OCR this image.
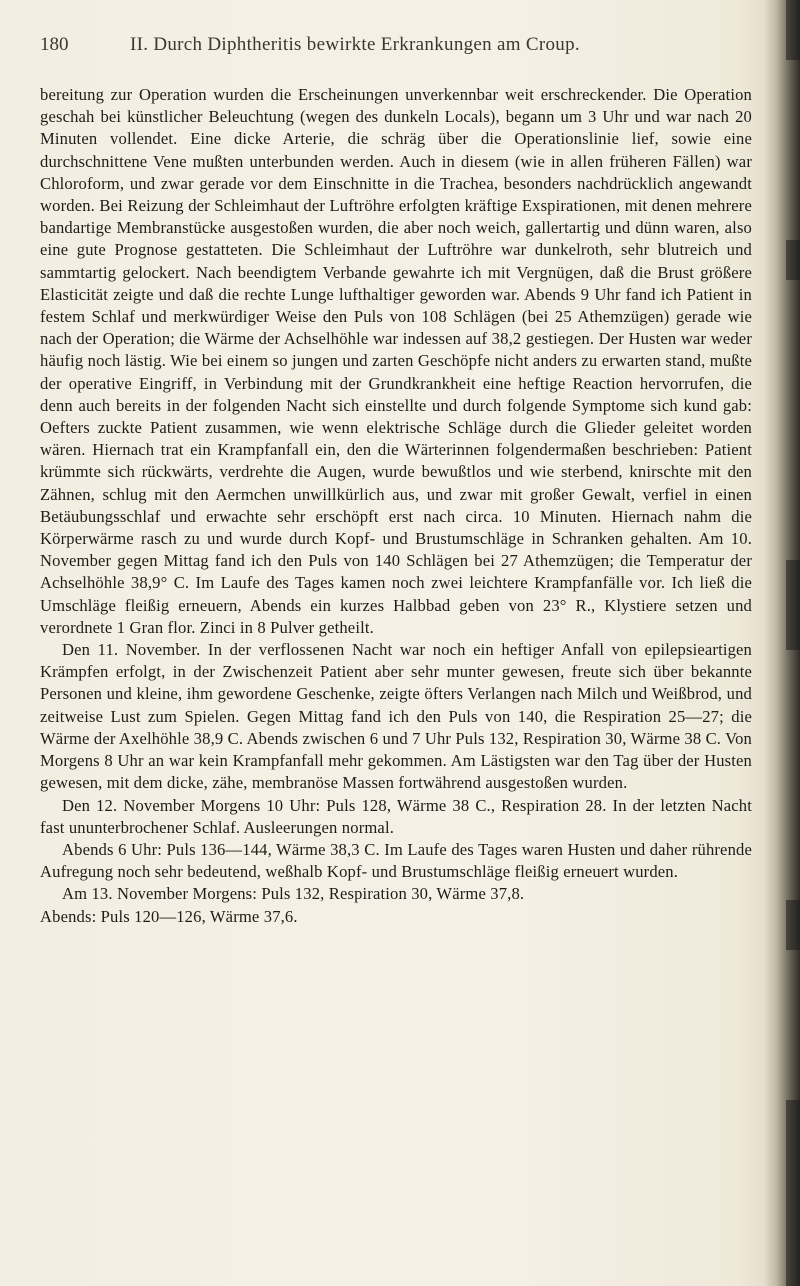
180	II. Durch Diphtheritis bewirkte Erkrankungen am Croup.

bereitung zur Operation wurden die Erscheinungen unverkennbar weit erschreckender. Die Operation geschah bei künstlicher Beleuchtung (wegen des dunkeln Locals), begann um 3 Uhr und war nach 20 Minuten vollendet. Eine dicke Arterie, die schräg über die Operationslinie lief, sowie eine durchschnittene Vene mußten unterbunden werden. Auch in diesem (wie in allen früheren Fällen) war Chloroform, und zwar gerade vor dem Einschnitte in die Trachea, besonders nachdrücklich angewandt worden. Bei Reizung der Schleimhaut der Luftröhre erfolgten kräftige Exspirationen, mit denen mehrere bandartige Membranstücke ausgestoßen wurden, die aber noch weich, gallertartig und dünn waren, also eine gute Prognose gestatteten. Die Schleimhaut der Luftröhre war dunkelroth, sehr blutreich und sammtartig gelockert. Nach beendigtem Verbande gewahrte ich mit Vergnügen, daß die Brust größere Elasticität zeigte und daß die rechte Lunge lufthaltiger geworden war. Abends 9 Uhr fand ich Patient in festem Schlaf und merkwürdiger Weise den Puls von 108 Schlägen (bei 25 Athemzügen) gerade wie nach der Operation; die Wärme der Achselhöhle war indessen auf 38,2 gestiegen. Der Husten war weder häufig noch lästig. Wie bei einem so jungen und zarten Geschöpfe nicht anders zu erwarten stand, mußte der operative Eingriff, in Verbindung mit der Grundkrankheit eine heftige Reaction hervorrufen, die denn auch bereits in der folgenden Nacht sich einstellte und durch folgende Symptome sich kund gab: Oefters zuckte Patient zusammen, wie wenn elektrische Schläge durch die Glieder geleitet worden wären. Hiernach trat ein Krampfanfall ein, den die Wärterinnen folgendermaßen beschrieben: Patient krümmte sich rückwärts, verdrehte die Augen, wurde bewußtlos und wie sterbend, knirschte mit den Zähnen, schlug mit den Aermchen unwillkürlich aus, und zwar mit großer Gewalt, verfiel in einen Betäubungsschlaf und erwachte sehr erschöpft erst nach circa. 10 Minuten. Hiernach nahm die Körperwärme rasch zu und wurde durch Kopf- und Brustumschläge in Schranken gehalten. Am 10. November gegen Mittag fand ich den Puls von 140 Schlägen bei 27 Athemzügen; die Temperatur der Achselhöhle 38,9° C. Im Laufe des Tages kamen noch zwei leichtere Krampfanfälle vor. Ich ließ die Umschläge fleißig erneuern, Abends ein kurzes Halbbad geben von 23° R., Klystiere setzen und verordnete 1 Gran flor. Zinci in 8 Pulver getheilt.

Den 11. November. In der verflossenen Nacht war noch ein heftiger Anfall von epilepsieartigen Krämpfen erfolgt, in der Zwischenzeit Patient aber sehr munter gewesen, freute sich über bekannte Personen und kleine, ihm gewordene Geschenke, zeigte öfters Verlangen nach Milch und Weißbrod, und zeitweise Lust zum Spielen. Gegen Mittag fand ich den Puls von 140, die Respiration 25—27; die Wärme der Axelhöhle 38,9 C. Abends zwischen 6 und 7 Uhr Puls 132, Respiration 30, Wärme 38 C. Von Morgens 8 Uhr an war kein Krampfanfall mehr gekommen. Am Lästigsten war den Tag über der Husten gewesen, mit dem dicke, zähe, membranöse Massen fortwährend ausgestoßen wurden.

Den 12. November Morgens 10 Uhr: Puls 128, Wärme 38 C., Respiration 28. In der letzten Nacht fast ununterbrochener Schlaf. Ausleerungen normal.

Abends 6 Uhr: Puls 136—144, Wärme 38,3 C. Im Laufe des Tages waren Husten und daher rührende Aufregung noch sehr bedeutend, weßhalb Kopf- und Brustumschläge fleißig erneuert wurden.

Am 13. November Morgens: Puls 132, Respiration 30, Wärme 37,8.

Abends: Puls 120—126, Wärme 37,6.
